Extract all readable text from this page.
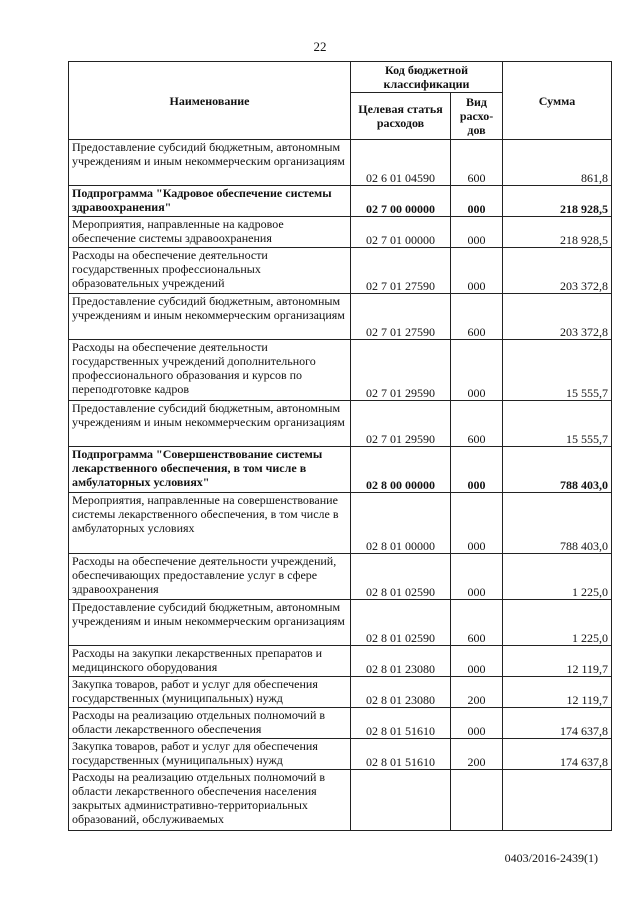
22
Наименование	Код бюджетной классификации		Сумма
	Целевая статья расходов	Вид расхо- дов	
Предоставление субсидий бюджетным, автономным учреждениям и иным некоммерческим организациям	02 6 01 04590	600	861,8
Подпрограмма "Кадровое обеспечение системы здравоохранения"	02 7 00 00000	000	218 928,5
Мероприятия, направленные на кадровое обеспечение системы здравоохранения	02 7 01 00000	000	218 928,5
Расходы на обеспечение деятельности государственных профессиональных образовательных учреждений	02 7 01 27590	000	203 372,8
Предоставление субсидий бюджетным, автономным учреждениям и иным некоммерческим организациям	02 7 01 27590	600	203 372,8
Расходы на обеспечение деятельности государственных учреждений дополнительного профессионального образования и курсов по переподготовке кадров	02 7 01 29590	000	15 555,7
Предоставление субсидий бюджетным, автономным учреждениям и иным некоммерческим организациям	02 7 01 29590	600	15 555,7
Подпрограмма "Совершенствование системы лекарственного обеспечения, в том числе в амбулаторных условиях"	02 8 00 00000	000	788 403,0
Мероприятия, направленные на совершенствование системы лекарственного обеспечения, в том числе в амбулаторных условиях	02 8 01 00000	000	788 403,0
Расходы на обеспечение деятельности учреждений, обеспечивающих предоставление услуг в сфере здравоохранения	02 8 01 02590	000	1 225,0
Предоставление субсидий бюджетным, автономным учреждениям и иным некоммерческим организациям	02 8 01 02590	600	1 225,0
Расходы на закупки лекарственных препаратов и медицинского оборудования	02 8 01 23080	000	12 119,7
Закупка товаров, работ и услуг для обеспечения государственных (муниципальных) нужд	02 8 01 23080	200	12 119,7
Расходы на реализацию отдельных полномочий в области лекарственного обеспечения	02 8 01 51610	000	174 637,8
Закупка товаров, работ и услуг для обеспечения государственных (муниципальных) нужд	02 8 01 51610	200	174 637,8
Расходы на реализацию отдельных полномочий в области лекарственного обеспечения населения закрытых административно-территориальных образований, обслуживаемых			
0403/2016-2439(1)
